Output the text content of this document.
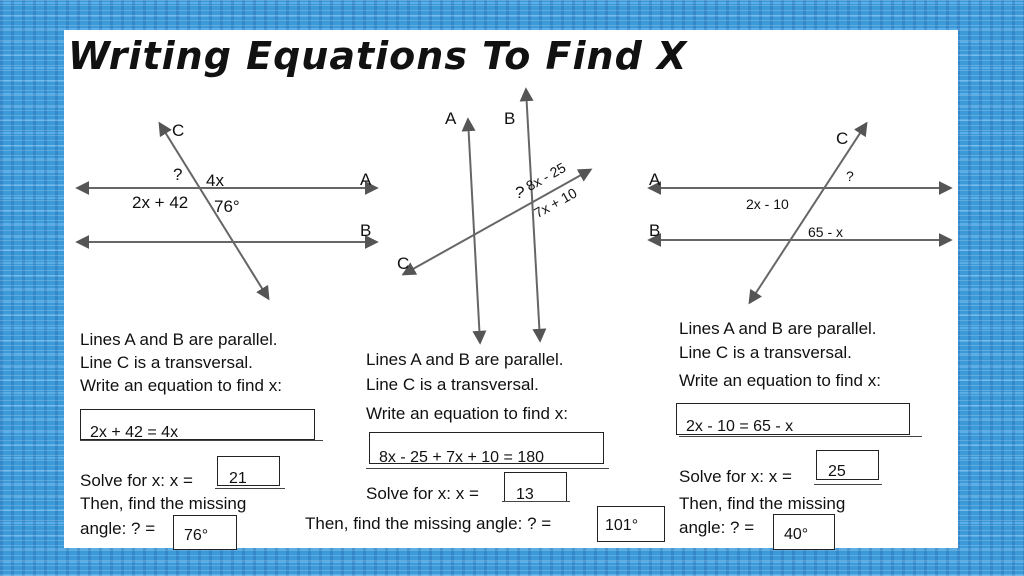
Writing Equations To Find X
C
A
B
? 4x
2x + 42 76°
A	B
C
?
8x - 25
7x + 10
C
A
B
?
2x - 10
65 - x
Lines A and B are parallel.
Line C is a transversal.
Write an equation to find x:
2x + 42 = 4x
Solve for x: x = 21
Then, find the missing
angle: ? = 76°
Lines A and B are parallel.
Line C is a transversal.
Write an equation to find x:
8x - 25 + 7x + 10 = 180
Solve for x: x = 13
Then, find the missing angle: ? =	101°
Lines A and B are parallel.
Line C is a transversal.
Write an equation to find x:
2x - 10 = 65 - x
Solve for x: x = 25
Then, find the missing
angle: ? = 40°
